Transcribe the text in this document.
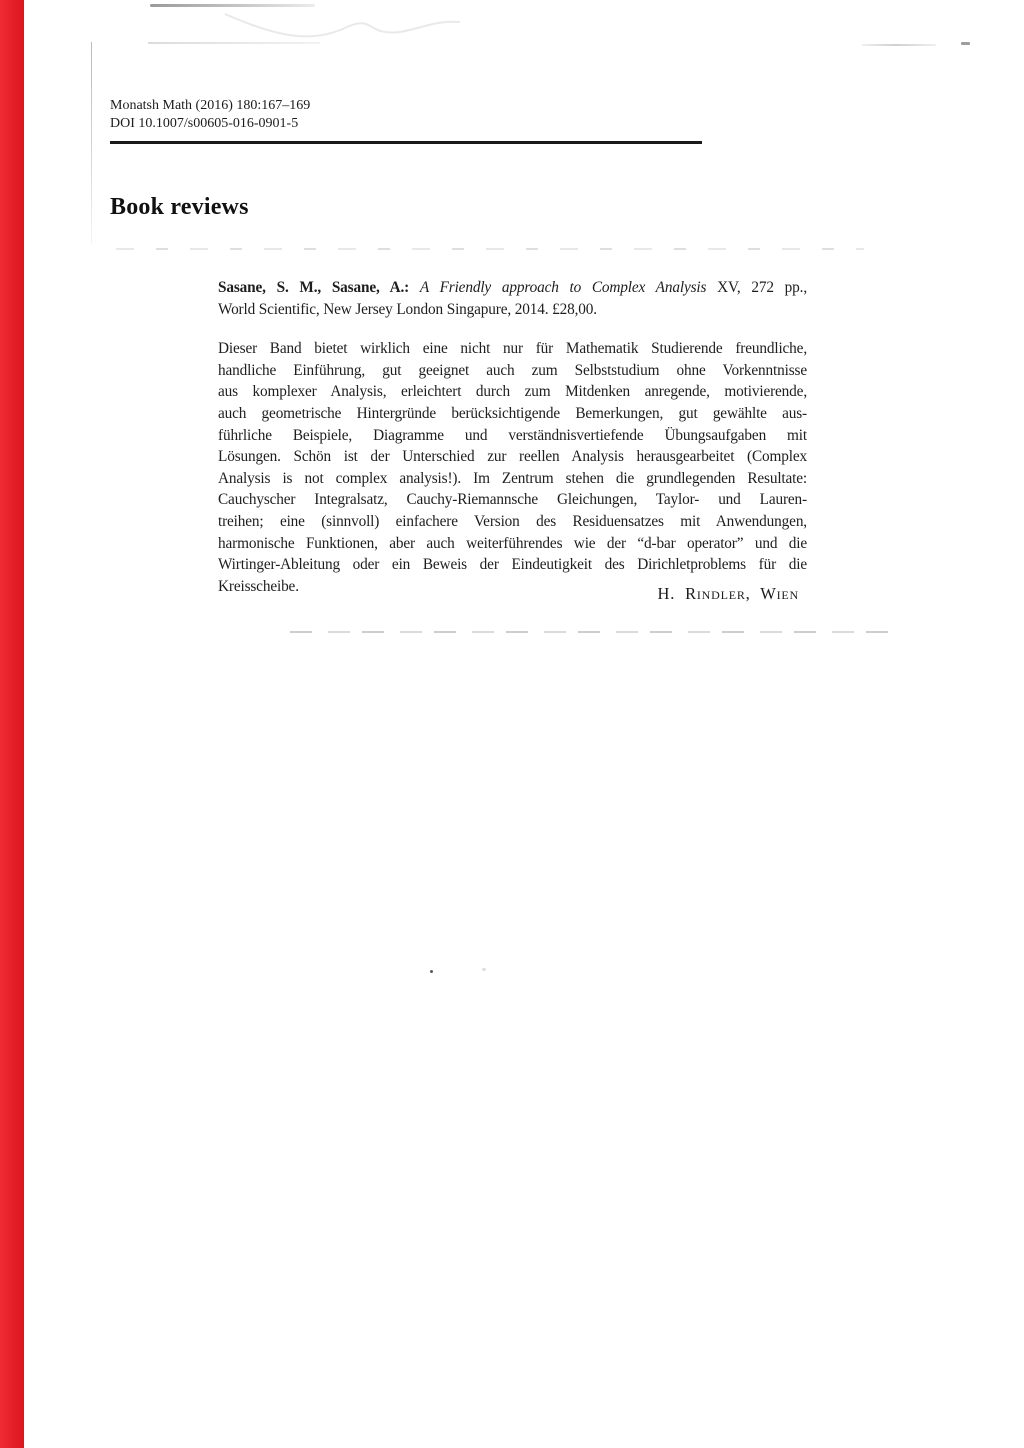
Monatsh Math (2016) 180:167–169
DOI 10.1007/s00605-016-0901-5
Book reviews
Sasane, S. M., Sasane, A.: A Friendly approach to Complex Analysis XV, 272 pp.,
World Scientific, New Jersey London Singapure, 2014. £28,00.
Dieser Band bietet wirklich eine nicht nur für Mathematik Studierende freundliche,
handliche Einführung, gut geeignet auch zum Selbststudium ohne Vorkenntnisse
aus komplexer Analysis, erleichtert durch zum Mitdenken anregende, motivierende,
auch geometrische Hintergründe berücksichtigende Bemerkungen, gut gewählte aus-
führliche Beispiele, Diagramme und verständnisvertiefende Übungsaufgaben mit
Lösungen. Schön ist der Unterschied zur reellen Analysis herausgearbeitet (Complex
Analysis is not complex analysis!). Im Zentrum stehen die grundlegenden Resultate:
Cauchyscher Integralsatz, Cauchy-Riemannsche Gleichungen, Taylor- und Lauren-
treihen; eine (sinnvoll) einfachere Version des Residuensatzes mit Anwendungen,
harmonische Funktionen, aber auch weiterführendes wie der “d-bar operator” und die
Wirtinger-Ableitung oder ein Beweis der Eindeutigkeit des Dirichletproblems für die
Kreisscheibe.	H. Rindler, Wien
